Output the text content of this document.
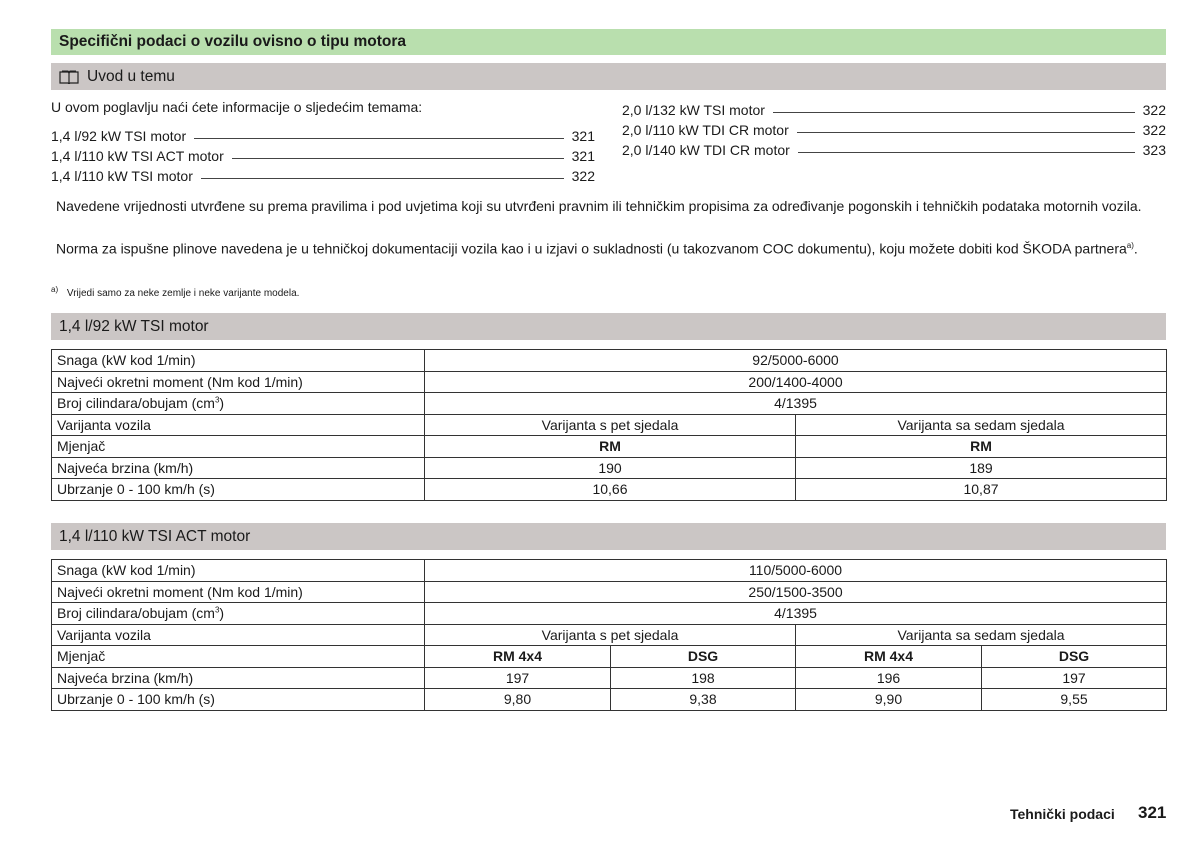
Specifični podaci o vozilu ovisno o tipu motora
Uvod u temu
U ovom poglavlju naći ćete informacije o sljedećim temama:
1,4 l/92 kW TSI motor	321
1,4 l/110 kW TSI ACT motor	321
1,4 l/110 kW TSI motor	322
2,0 l/132 kW TSI motor	322
2,0 l/110 kW TDI CR motor	322
2,0 l/140 kW TDI CR motor	323
Navedene vrijednosti utvrđene su prema pravilima i pod uvjetima koji su utvrđeni pravnim ili tehničkim propisima za određivanje pogonskih i tehničkih podataka motornih vozila.
Norma za ispušne plinove navedena je u tehničkoj dokumentaciji vozila kao i u izjavi o sukladnosti (u takozvanom COC dokumentu), koju možete dobiti kod ŠKODA partnera$^{a)}$.
$^{a)}$ Vrijedi samo za neke zemlje i neke varijante modela.
1,4 l/92 kW TSI motor
Snaga (kW kod 1/min)	92/5000-6000	
Najveći okretni moment (Nm kod 1/min)	200/1400-4000	
Broj cilindara/obujam $(cm^3)$	4/1395	
Varijanta vozila	Varijanta s pet sjedala	Varijanta sa sedam sjedala
Mjenjač	RM	RM
Najveća brzina (km/h)	190	189
Ubrzanje 0 - 100 km/h (s)	10,66	10,87
1,4 l/110 kW TSI ACT motor
Snaga (kW kod 1/min)	110/5000-6000			
Najveći okretni moment (Nm kod 1/min)	250/1500-3500			
Broj cilindara/obujam $(cm^3)$	4/1395			
Varijanta vozila	Varijanta s pet sjedala		Varijanta sa sedam sjedala	
Mjenjač	RM 4x4	DSG	RM 4x4	DSG
Najveća brzina (km/h)	197	198	196	197
Ubrzanje 0 - 100 km/h (s)	9,80	9,38	9,90	9,55
Tehnički podaci 321
